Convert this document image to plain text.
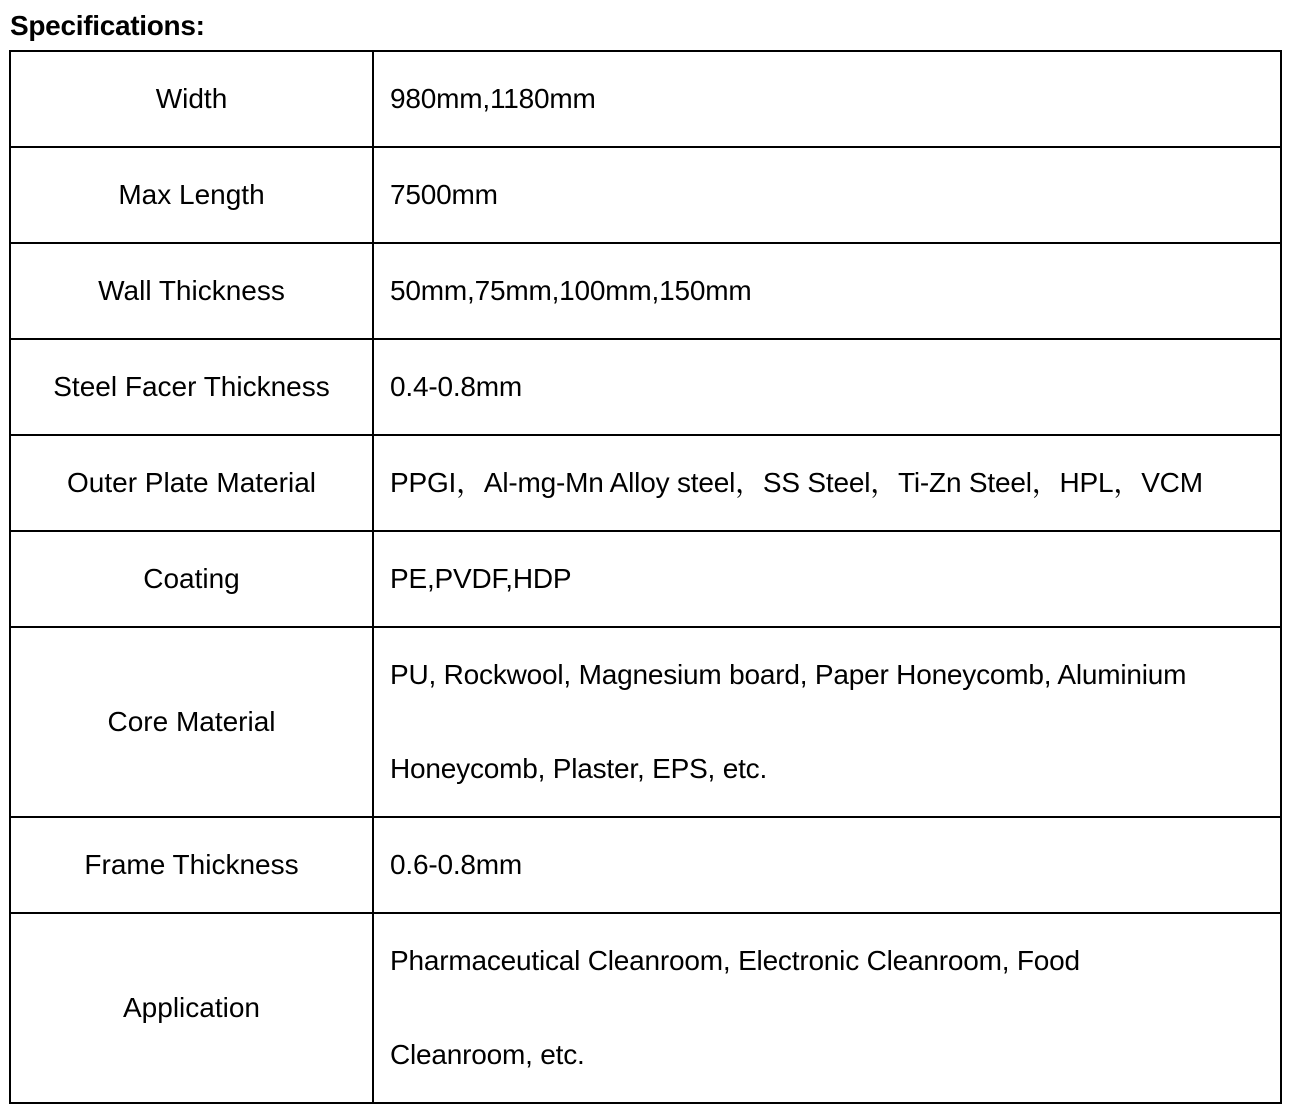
Specifications:
Width	980mm,1180mm

Max Length	7500mm

Wall Thickness	50mm,75mm,100mm,150mm

Steel Facer Thickness	0.4-0.8mm

Outer Plate Material	PPGI，Al-mg-Mn Alloy steel，SS Steel，Ti-Zn Steel，HPL，VCM

Coating	PE,PVDF,HDP

Core Material	PU, Rockwool, Magnesium board, Paper Honeycomb, Aluminium
Honeycomb, Plaster, EPS, etc.

Frame Thickness	0.6-0.8mm

Application	Pharmaceutical Cleanroom, Electronic Cleanroom, Food
Cleanroom, etc.
